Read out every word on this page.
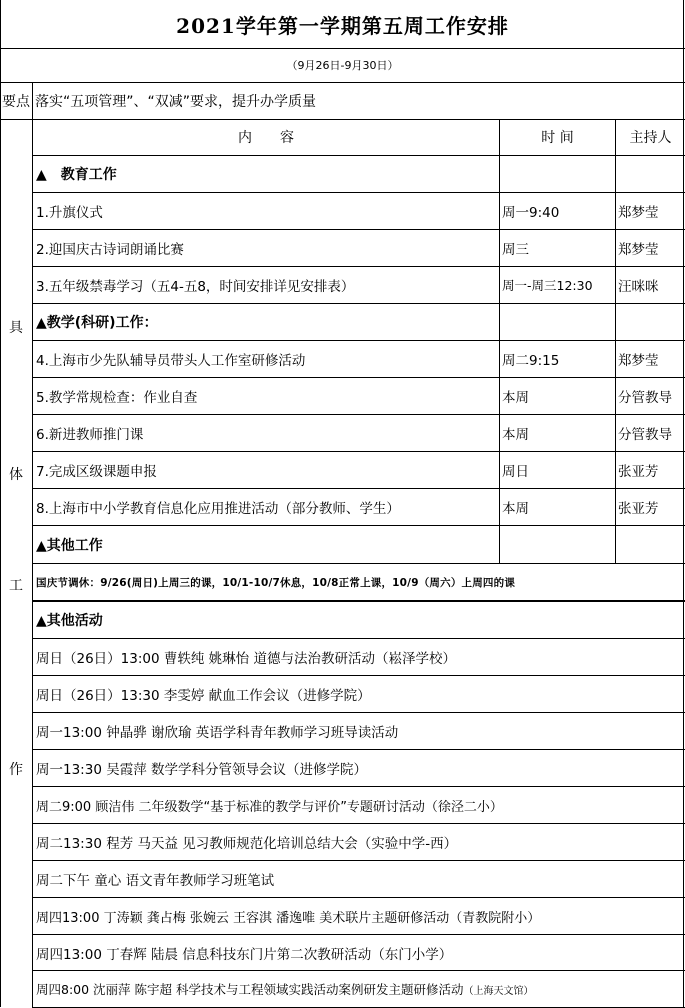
2021学年第一学期第五周工作安排
（9月26日-9月30日）
要点 落实“五项管理”、“双减”要求，提升办学质量
具
体
工
作
内　　容	时 间	主持人
▲　教育工作
1.升旗仪式	周一9:40	郑梦莹
2.迎国庆古诗词朗诵比赛	周三	郑梦莹
3.五年级禁毒学习（五4-五8，时间安排详见安排表）	周一-周三12:30	汪咪咪
▲教学(科研)工作：
4.上海市少先队辅导员带头人工作室研修活动	周二9:15	郑梦莹
5.教学常规检查：作业自查	本周	分管教导
6.新进教师推门课	本周	分管教导
7.完成区级课题申报	周日	张亚芳
8.上海市中小学教育信息化应用推进活动（部分教师、学生）	本周	张亚芳
▲其他工作
国庆节调休：9/26(周日)上周三的课，10/1-10/7休息，10/8正常上课，10/9（周六）上周四的课
▲其他活动
周日（26日）13:00 曹轶纯 姚琳怡 道德与法治教研活动（崧泽学校）
周日（26日）13:30 李雯婷 献血工作会议（进修学院）
周一13:00 钟晶骅 谢欣瑜 英语学科青年教师学习班导读活动
周一13:30 吴霞萍 数学学科分管领导会议（进修学院）
周二9:00 顾洁伟 二年级数学“基于标准的教学与评价”专题研讨活动（徐泾二小）
周二13:30 程芳 马天益 见习教师规范化培训总结大会（实验中学-西）
周二下午 童心 语文青年教师学习班笔试
周四13:00 丁涛颖 龚占梅 张婉云 王容淇 潘逸唯 美术联片主题研修活动（青教院附小）
周四13:00 丁春辉 陆晨 信息科技东门片第二次教研活动（东门小学）
周四8:00 沈丽萍 陈宇超 科学技术与工程领域实践活动案例研发主题研修活动 （上海天文馆）
